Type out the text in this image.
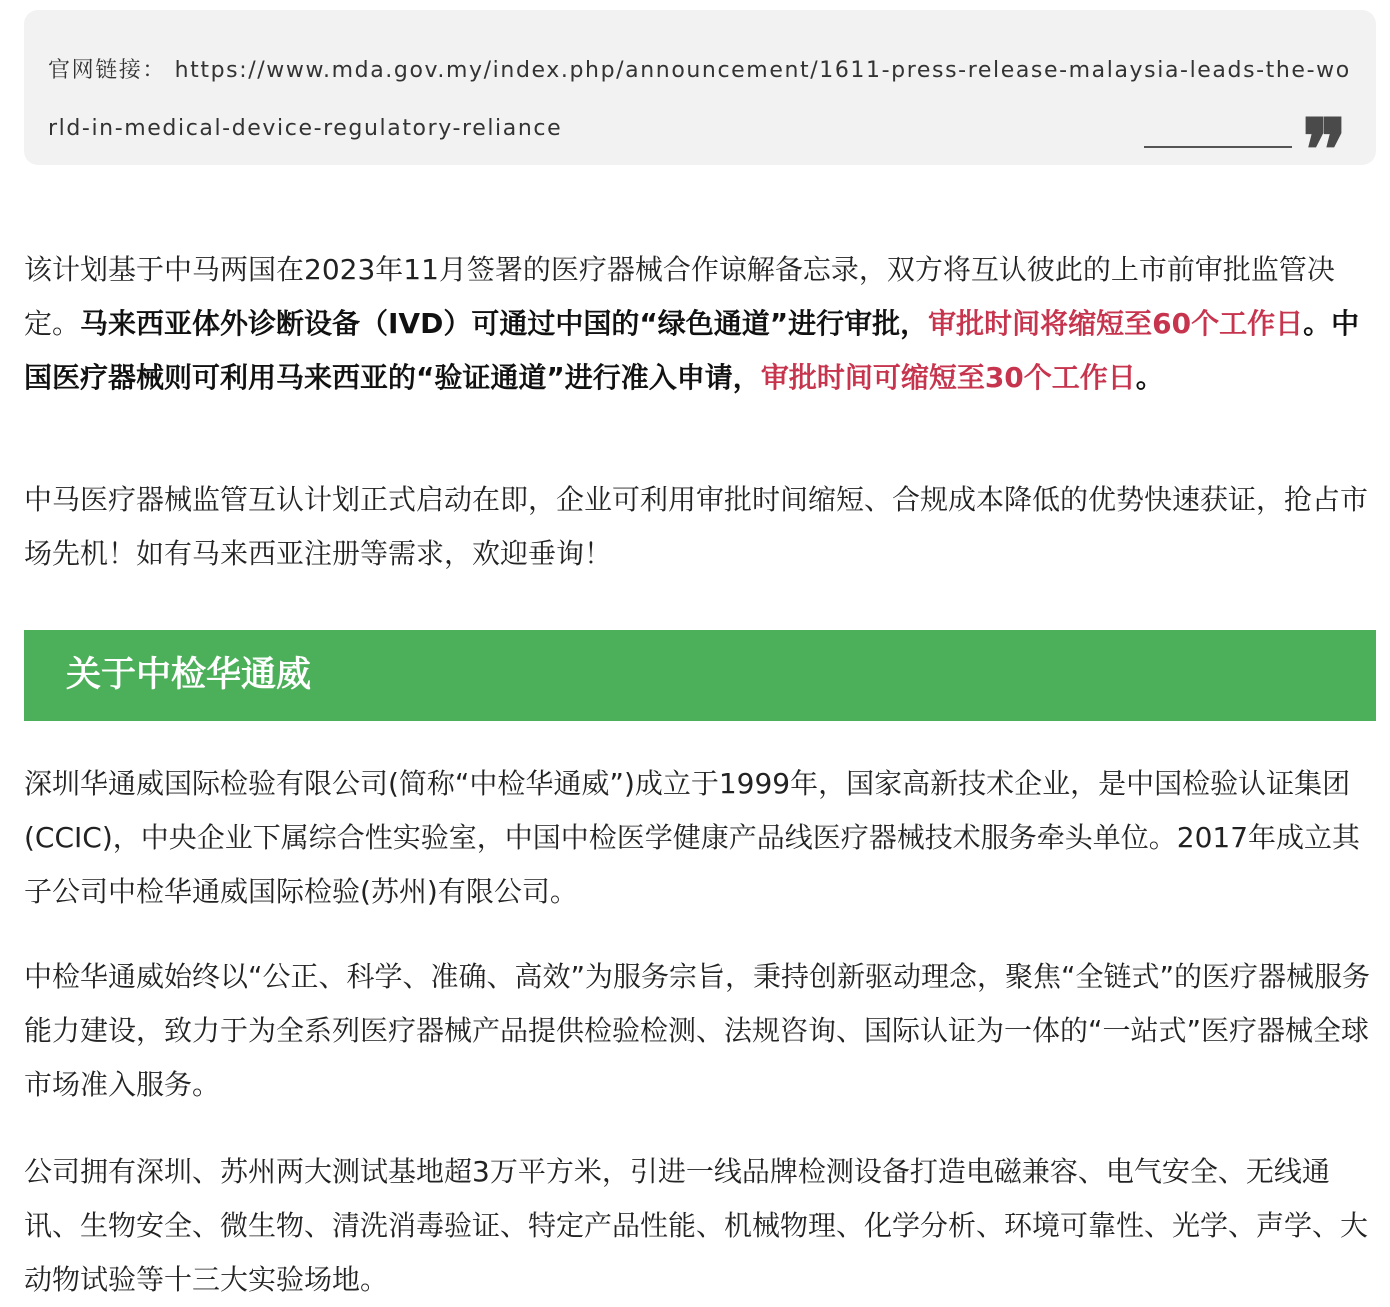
官网链接： https://www.mda.gov.my/index.php/announcement/1611-press-release-malaysia-leads-the-world-in-medical-device-regulatory-reliance	❞

该计划基于中马两国在2023年11月签署的医疗器械合作谅解备忘录，双方将互认彼此的上市前审批监管决定。马来西亚体外诊断设备（IVD）可通过中国的“绿色通道”进行审批，审批时间将缩短至60个工作日。中国医疗器械则可利用马来西亚的“验证通道”进行准入申请，审批时间可缩短至30个工作日。

中马医疗器械监管互认计划正式启动在即，企业可利用审批时间缩短、合规成本降低的优势快速获证，抢占市场先机！如有马来西亚注册等需求，欢迎垂询！

关于中检华通威

深圳华通威国际检验有限公司(简称“中检华通威”)成立于1999年，国家高新技术企业，是中国检验认证集团(CCIC)，中央企业下属综合性实验室，中国中检医学健康产品线医疗器械技术服务牵头单位。2017年成立其子公司中检华通威国际检验(苏州)有限公司。

中检华通威始终以“公正、科学、准确、高效”为服务宗旨，秉持创新驱动理念，聚焦“全链式”的医疗器械服务能力建设，致力于为全系列医疗器械产品提供检验检测、法规咨询、国际认证为一体的“一站式”医疗器械全球市场准入服务。

公司拥有深圳、苏州两大测试基地超3万平方米，引进一线品牌检测设备打造电磁兼容、电气安全、无线通讯、生物安全、微生物、清洗消毒验证、特定产品性能、机械物理、化学分析、环境可靠性、光学、声学、大动物试验等十三大实验场地。
